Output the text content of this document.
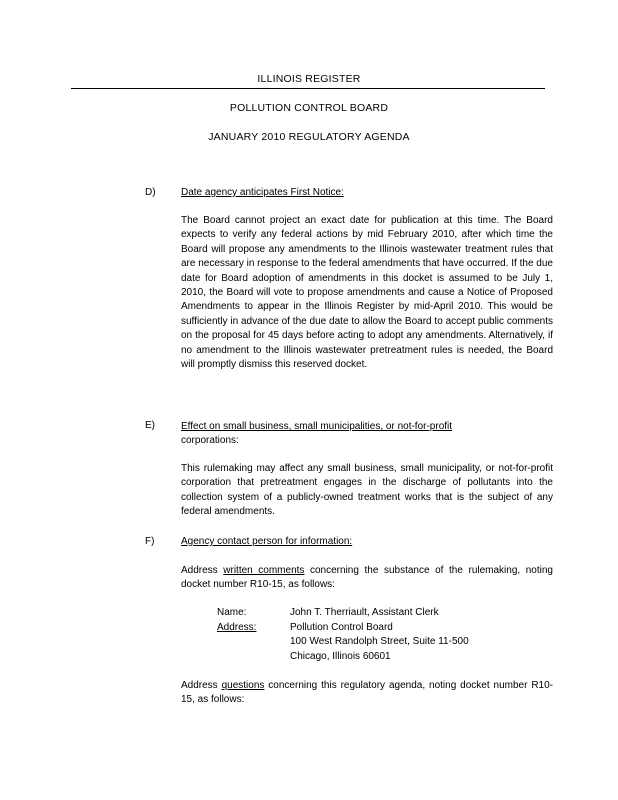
ILLINOIS REGISTER
POLLUTION CONTROL BOARD
JANUARY 2010 REGULATORY AGENDA
D)	Date agency anticipates First Notice:
The Board cannot project an exact date for publication at this time. The Board expects to verify any federal actions by mid February 2010, after which time the Board will propose any amendments to the Illinois wastewater treatment rules that are necessary in response to the federal amendments that have occurred. If the due date for Board adoption of amendments in this docket is assumed to be July 1, 2010, the Board will vote to propose amendments and cause a Notice of Proposed Amendments to appear in the Illinois Register by mid-April 2010. This would be sufficiently in advance of the due date to allow the Board to accept public comments on the proposal for 45 days before acting to adopt any amendments. Alternatively, if no amendment to the Illinois wastewater pretreatment rules is needed, the Board will promptly dismiss this reserved docket.
E)	Effect on small business, small municipalities, or not-for-profit
corporations:
This rulemaking may affect any small business, small municipality, or not-for-profit corporation that pretreatment engages in the discharge of pollutants into the collection system of a publicly-owned treatment works that is the subject of any federal amendments.
F)	Agency contact person for information:
Address written comments concerning the substance of the rulemaking, noting docket number R10-15, as follows:
Name:	John T. Therriault, Assistant Clerk
Address:	Pollution Control Board
100 West Randolph Street, Suite 11-500
Chicago, Illinois 60601
Address questions concerning this regulatory agenda, noting docket number R10-15, as follows:
